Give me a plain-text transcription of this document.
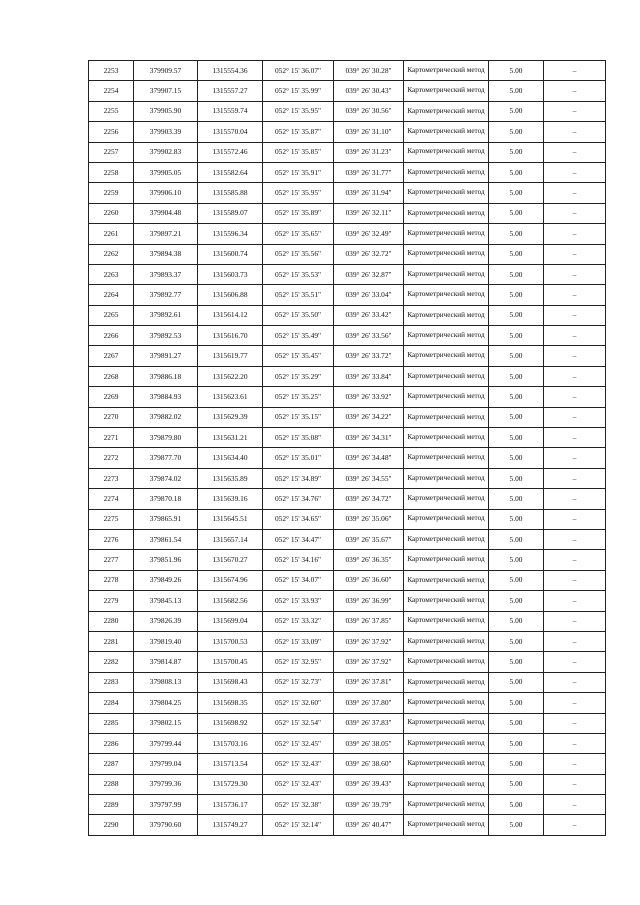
2253	379909.57	1315554.36	052° 15' 36.07"	039° 26' 30.28"	Картометрический метод	5.00	–
2254	379907.15	1315557.27	052° 15' 35.99"	039° 26' 30.43"	Картометрический метод	5.00	–
2255	379905.90	1315559.74	052° 15' 35.95"	039° 26' 30.56"	Картометрический метод	5.00	–
2256	379903.39	1315570.04	052° 15' 35.87"	039° 26' 31.10"	Картометрический метод	5.00	–
2257	379902.83	1315572.46	052° 15' 35.85"	039° 26' 31.23"	Картометрический метод	5.00	–
2258	379905.05	1315582.64	052° 15' 35.91"	039° 26' 31.77"	Картометрический метод	5.00	–
2259	379906.10	1315585.88	052° 15' 35.95"	039° 26' 31.94"	Картометрический метод	5.00	–
2260	379904.48	1315589.07	052° 15' 35.89"	039° 26' 32.11"	Картометрический метод	5.00	–
2261	379897.21	1315596.34	052° 15' 35.65"	039° 26' 32.49"	Картометрический метод	5.00	–
2262	379894.38	1315600.74	052° 15' 35.56"	039° 26' 32.72"	Картометрический метод	5.00	–
2263	379893.37	1315603.73	052° 15' 35.53"	039° 26' 32.87"	Картометрический метод	5.00	–
2264	379892.77	1315606.88	052° 15' 35.51"	039° 26' 33.04"	Картометрический метод	5.00	–
2265	379892.61	1315614.12	052° 15' 35.50"	039° 26' 33.42"	Картометрический метод	5.00	–
2266	379892.53	1315616.70	052° 15' 35.49"	039° 26' 33.56"	Картометрический метод	5.00	–
2267	379891.27	1315619.77	052° 15' 35.45"	039° 26' 33.72"	Картометрический метод	5.00	–
2268	379886.18	1315622.20	052° 15' 35.29"	039° 26' 33.84"	Картометрический метод	5.00	–
2269	379884.93	1315623.61	052° 15' 35.25"	039° 26' 33.92"	Картометрический метод	5.00	–
2270	379882.02	1315629.39	052° 15' 35.15"	039° 26' 34.22"	Картометрический метод	5.00	–
2271	379879.80	1315631.21	052° 15' 35.08"	039° 26' 34.31"	Картометрический метод	5.00	–
2272	379877.70	1315634.40	052° 15' 35.01"	039° 26' 34.48"	Картометрический метод	5.00	–
2273	379874.02	1315635.89	052° 15' 34.89"	039° 26' 34.55"	Картометрический метод	5.00	–
2274	379870.18	1315639.16	052° 15' 34.76"	039° 26' 34.72"	Картометрический метод	5.00	–
2275	379865.91	1315645.51	052° 15' 34.65"	039° 26' 35.06"	Картометрический метод	5.00	–
2276	379861.54	1315657.14	052° 15' 34.47"	039° 26' 35.67"	Картометрический метод	5.00	–
2277	379851.96	1315670.27	052° 15' 34.16"	039° 26' 36.35"	Картометрический метод	5.00	–
2278	379849.26	1315674.96	052° 15' 34.07"	039° 26' 36.60"	Картометрический метод	5.00	–
2279	379845.13	1315682.56	052° 15' 33.93"	039° 26' 36.99"	Картометрический метод	5.00	–
2280	379826.39	1315699.04	052° 15' 33.32"	039° 26' 37.85"	Картометрический метод	5.00	–
2281	379819.40	1315700.53	052° 15' 33.09"	039° 26' 37.92"	Картометрический метод	5.00	–
2282	379814.87	1315700.45	052° 15' 32.95"	039° 26' 37.92"	Картометрический метод	5.00	–
2283	379808.13	1315698.43	052° 15' 32.73"	039° 26' 37.81"	Картометрический метод	5.00	–
2284	379804.25	1315698.35	052° 15' 32.60"	039° 26' 37.80"	Картометрический метод	5.00	–
2285	379802.15	1315698.92	052° 15' 32.54"	039° 26' 37.83"	Картометрический метод	5.00	–
2286	379799.44	1315703.16	052° 15' 32.45"	039° 26' 38.05"	Картометрический метод	5.00	–
2287	379799.04	1315713.54	052° 15' 32.43"	039° 26' 38.60"	Картометрический метод	5.00	–
2288	379799.36	1315729.30	052° 15' 32.43"	039° 26' 39.43"	Картометрический метод	5.00	–
2289	379797.99	1315736.17	052° 15' 32.38"	039° 26' 39.79"	Картометрический метод	5.00	–
2290	379790.60	1315749.27	052° 15' 32.14"	039° 26' 40.47"	Картометрический метод	5.00	–
